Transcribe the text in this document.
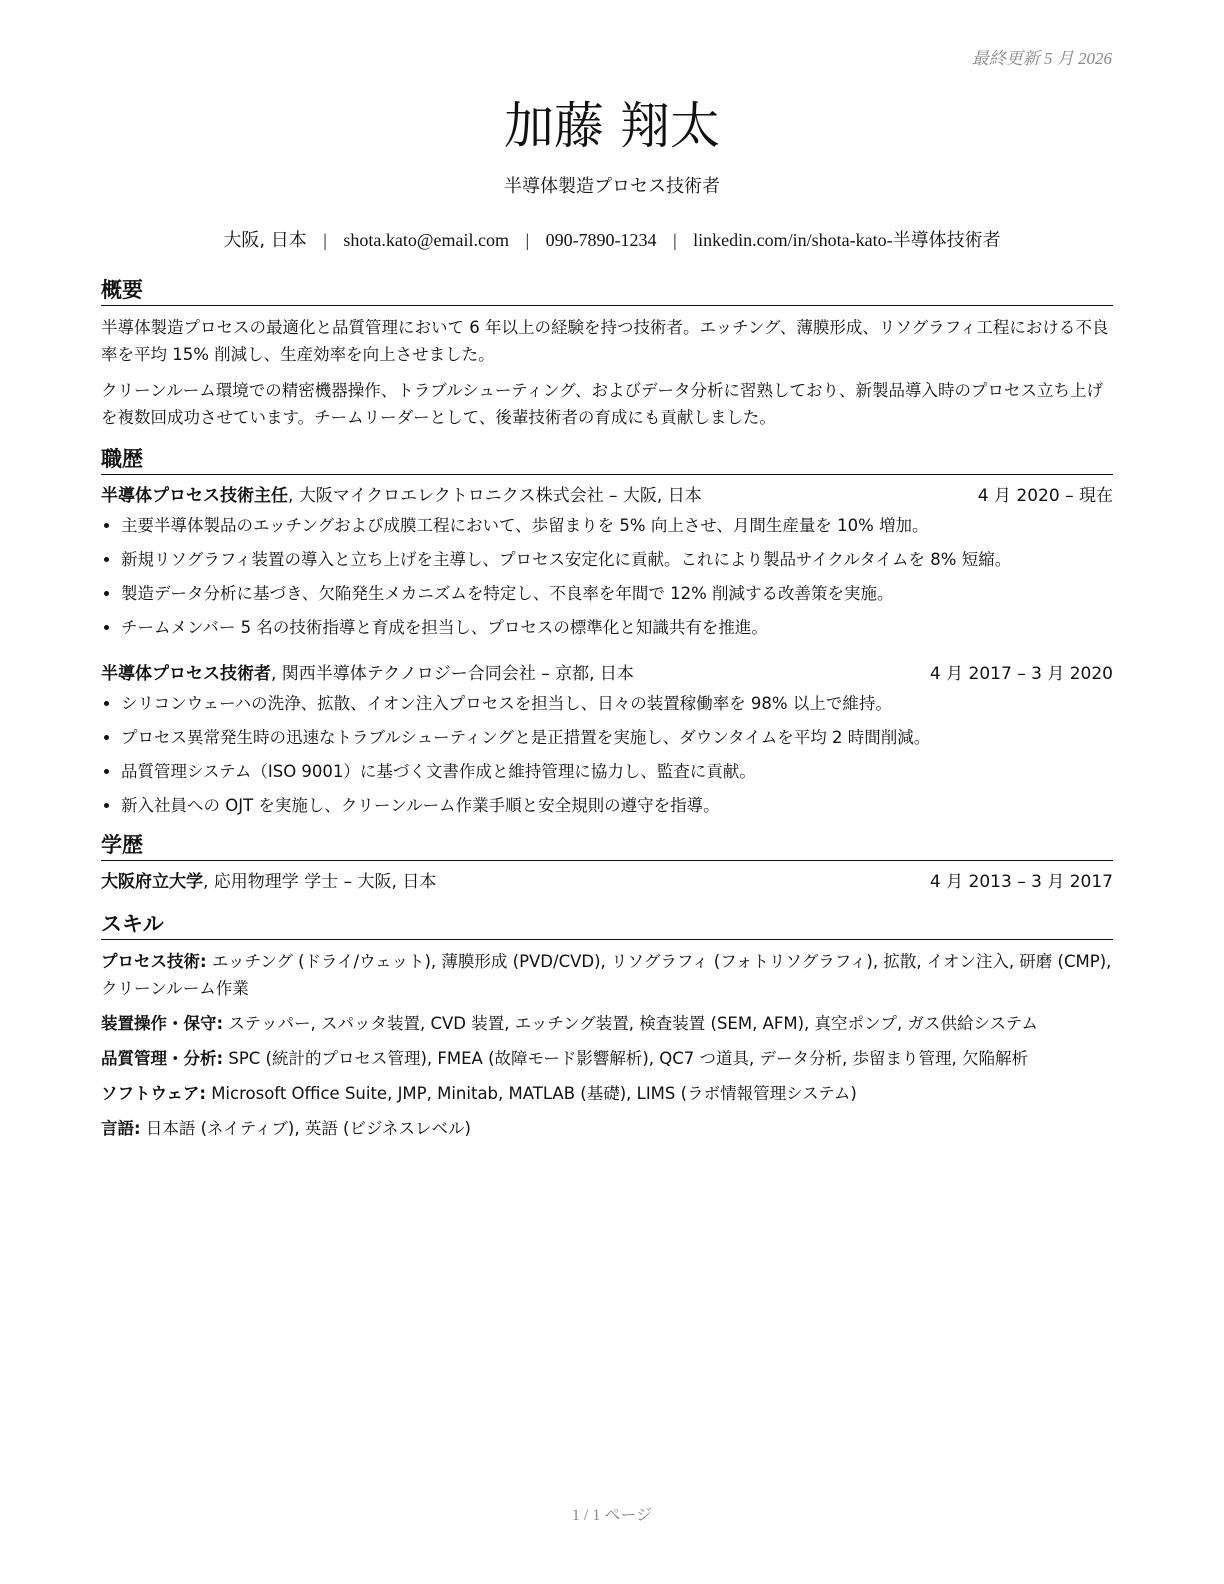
最終更新 5 月 2026
加藤 翔太
半導体製造プロセス技術者
大阪, 日本 | shota.kato@email.com | 090-7890-1234 | linkedin.com/in/shota-kato-半導体技術者
概要

半導体製造プロセスの最適化と品質管理において 6 年以上の経験を持つ技術者。エッチング、薄膜形成、リソグラフィ工程における不良率を平均 15% 削減し、生産効率を向上させました。

クリーンルーム環境での精密機器操作、トラブルシューティング、およびデータ分析に習熟しており、新製品導入時のプロセス立ち上げを複数回成功させています。チームリーダーとして、後輩技術者の育成にも貢献しました。

職歴
半導体プロセス技術主任, 大阪マイクロエレクトロニクス株式会社 – 大阪, 日本	4 月 2020 – 現在
• 主要半導体製品のエッチングおよび成膜工程において、歩留まりを 5% 向上させ、月間生産量を 10% 増加。
• 新規リソグラフィ装置の導入と立ち上げを主導し、プロセス安定化に貢献。これにより製品サイクルタイムを 8% 短縮。
• 製造データ分析に基づき、欠陥発生メカニズムを特定し、不良率を年間で 12% 削減する改善策を実施。
• チームメンバー 5 名の技術指導と育成を担当し、プロセスの標準化と知識共有を推進。
半導体プロセス技術者, 関西半導体テクノロジー合同会社 – 京都, 日本	4 月 2017 – 3 月 2020
• シリコンウェーハの洗浄、拡散、イオン注入プロセスを担当し、日々の装置稼働率を 98% 以上で維持。
• プロセス異常発生時の迅速なトラブルシューティングと是正措置を実施し、ダウンタイムを平均 2 時間削減。
• 品質管理システム（ISO 9001）に基づく文書作成と維持管理に協力し、監査に貢献。
• 新入社員への OJT を実施し、クリーンルーム作業手順と安全規則の遵守を指導。
学歴
大阪府立大学, 応用物理学 学士 – 大阪, 日本	4 月 2013 – 3 月 2017
スキル
プロセス技術: エッチング (ドライ/ウェット), 薄膜形成 (PVD/CVD), リソグラフィ (フォトリソグラフィ), 拡散, イオン注入, 研磨 (CMP), クリーンルーム作業
装置操作・保守: ステッパー, スパッタ装置, CVD 装置, エッチング装置, 検査装置 (SEM, AFM), 真空ポンプ, ガス供給システム
品質管理・分析: SPC (統計的プロセス管理), FMEA (故障モード影響解析), QC7 つ道具, データ分析, 歩留まり管理, 欠陥解析
ソフトウェア: Microsoft Office Suite, JMP, Minitab, MATLAB (基礎), LIMS (ラボ情報管理システム)
言語: 日本語 (ネイティブ), 英語 (ビジネスレベル)
1 / 1 ページ
